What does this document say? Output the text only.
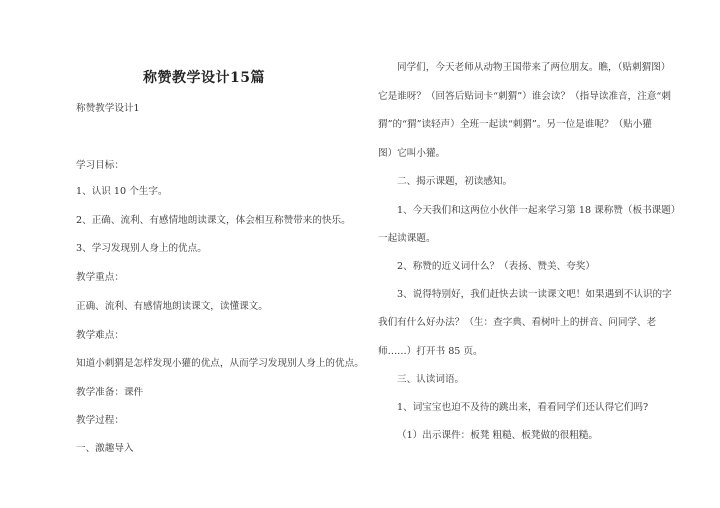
称赞教学设计15篇
称赞教学设计1
学习目标：
1、认识 10 个生字。
2、正确、流利、有感情地朗读课文，体会相互称赞带来的快乐。
3、学习发现别人身上的优点。
教学重点：
正确、流利、有感情地朗读课文，读懂课文。
教学难点：
知道小刺猬是怎样发现小獾的优点，从而学习发现别人身上的优点。
教学准备：课件
教学过程：
一、激趣导入
同学们，今天老师从动物王国带来了两位朋友。瞧，（贴刺猬图）
它是谁呀？（回答后贴词卡“刺猬”）谁会读？（指导读准音，注意“刺
猬”的“猬”读轻声）全班一起读“刺猬”。另一位是谁呢？（贴小獾
图）它叫小獾。
二、揭示课题，初读感知。
1、今天我们和这两位小伙伴一起来学习第 18 课称赞（板书课题）
一起读课题。
2、称赞的近义词什么？（表扬、赞美、夸奖）
3、说得特别好，我们赶快去读一读课文吧！如果遇到不认识的字
我们有什么好办法？（生：查字典、看树叶上的拼音、问同学、老
师……）打开书 85 页。
三、认读词语。
1、词宝宝也迫不及待的跳出来，看看同学们还认得它们吗?
（1）出示课件：板凳 粗糙、板凳做的很粗糙。
